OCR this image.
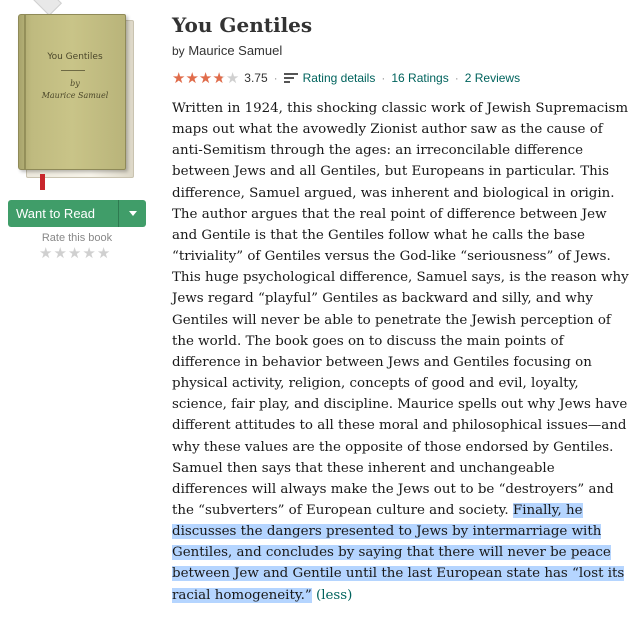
You Gentiles
by
Maurice Samuel
Want to Read
Rate this book
★ ★ ★ ★ ★
You Gentiles
by Maurice Samuel
★ ★ ★ ★ ★ 3.75 · Rating details · 16 Ratings · 2 Reviews
Written in 1924, this shocking classic work of Jewish Supremacism maps out what the avowedly Zionist author saw as the cause of anti-Semitism through the ages: an irreconcilable difference between Jews and all Gentiles, but Europeans in particular. This difference, Samuel argued, was inherent and biological in origin. The author argues that the real point of difference between Jew and Gentile is that the Gentiles follow what he calls the base “triviality” of Gentiles versus the God-like “seriousness” of Jews. This huge psychological difference, Samuel says, is the reason why Jews regard “playful” Gentiles as backward and silly, and why Gentiles will never be able to penetrate the Jewish perception of the world. The book goes on to discuss the main points of difference in behavior between Jews and Gentiles focusing on physical activity, religion, concepts of good and evil, loyalty, science, fair play, and discipline. Maurice spells out why Jews have different attitudes to all these moral and philosophical issues—and why these values are the opposite of those endorsed by Gentiles. Samuel then says that these inherent and unchangeable differences will always make the Jews out to be “destroyers” and the “subverters” of European culture and society. Finally, he discusses the dangers presented to Jews by intermarriage with Gentiles, and concludes by saying that there will never be peace between Jew and Gentile until the last European state has “lost its racial homogeneity.” (less)
